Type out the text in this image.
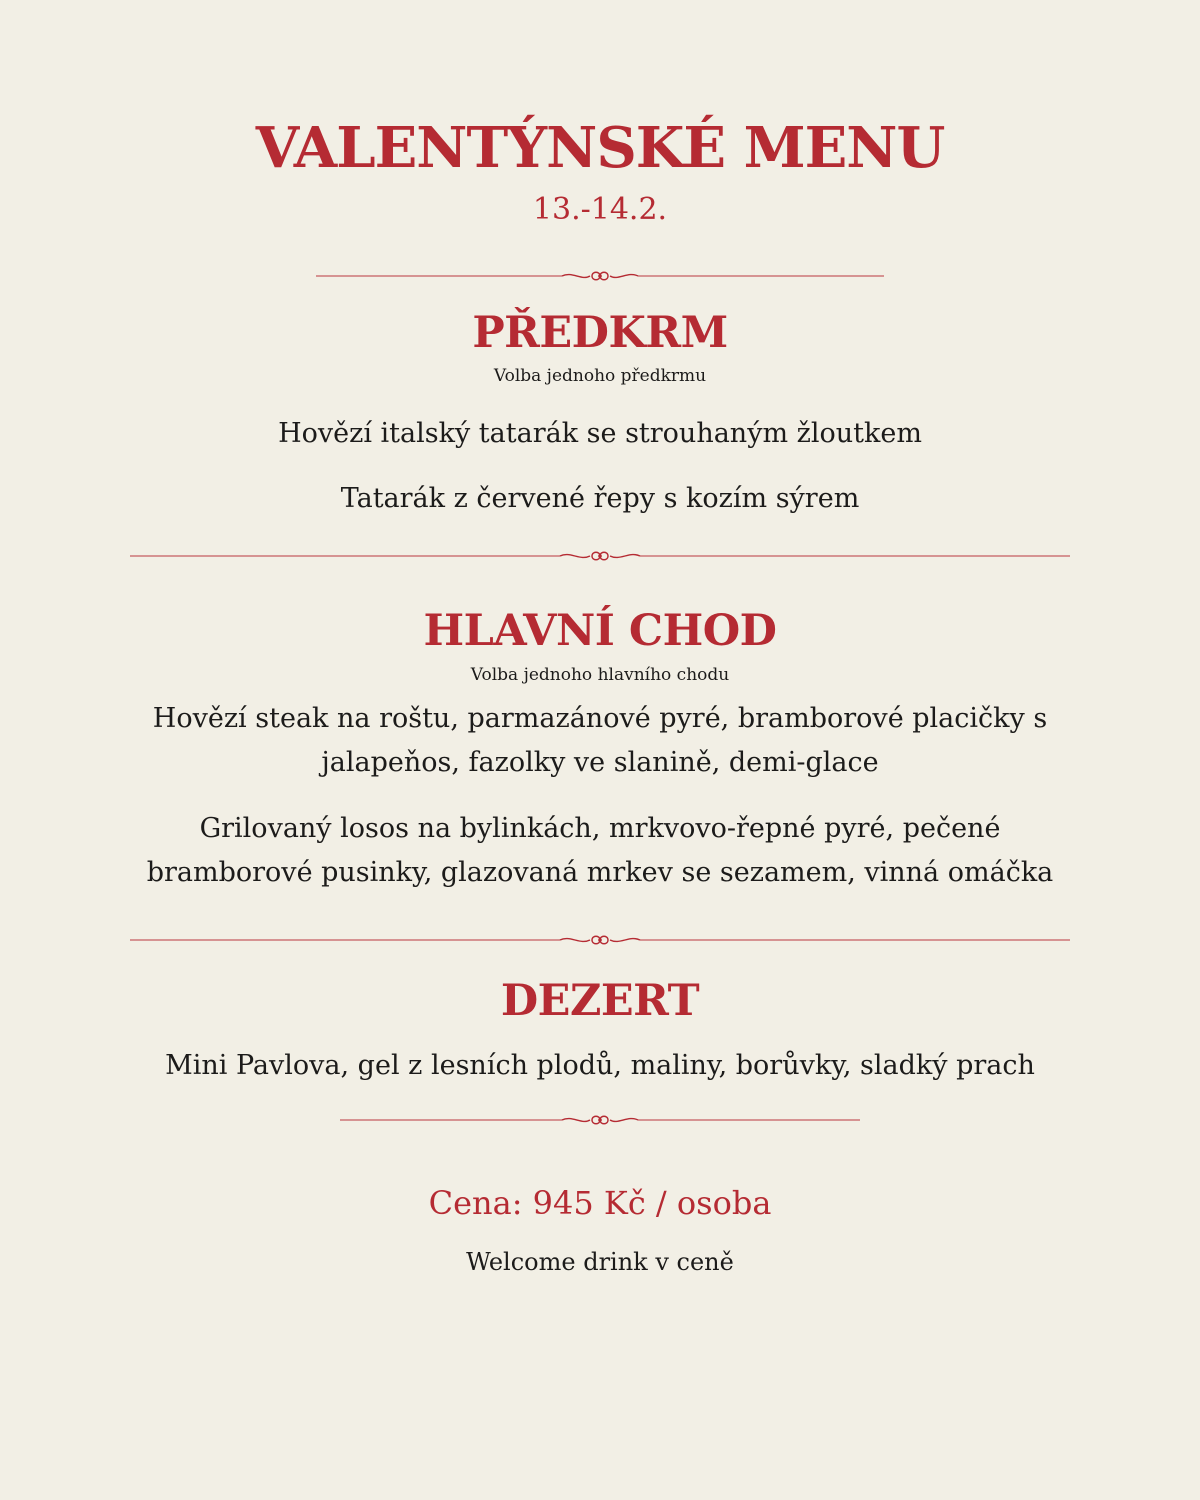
VALENTÝNSKÉ MENU

13.-14.2.

PŘEDKRM

Volba jednoho předkrmu

Hovězí italský tatarák se strouhaným žloutkem

Tatarák z červené řepy s kozím sýrem

HLAVNÍ CHOD

Volba jednoho hlavního chodu

Hovězí steak na roštu, parmazánové pyré, bramborové placičky s
jalapeňos, fazolky ve slanině, demi-glace

Grilovaný losos na bylinkách, mrkvovo-řepné pyré, pečené
bramborové pusinky, glazovaná mrkev se sezamem, vinná omáčka

DEZERT

Mini Pavlova, gel z lesních plodů, maliny, borůvky, sladký prach

Cena: 945 Kč / osoba

Welcome drink v ceně
